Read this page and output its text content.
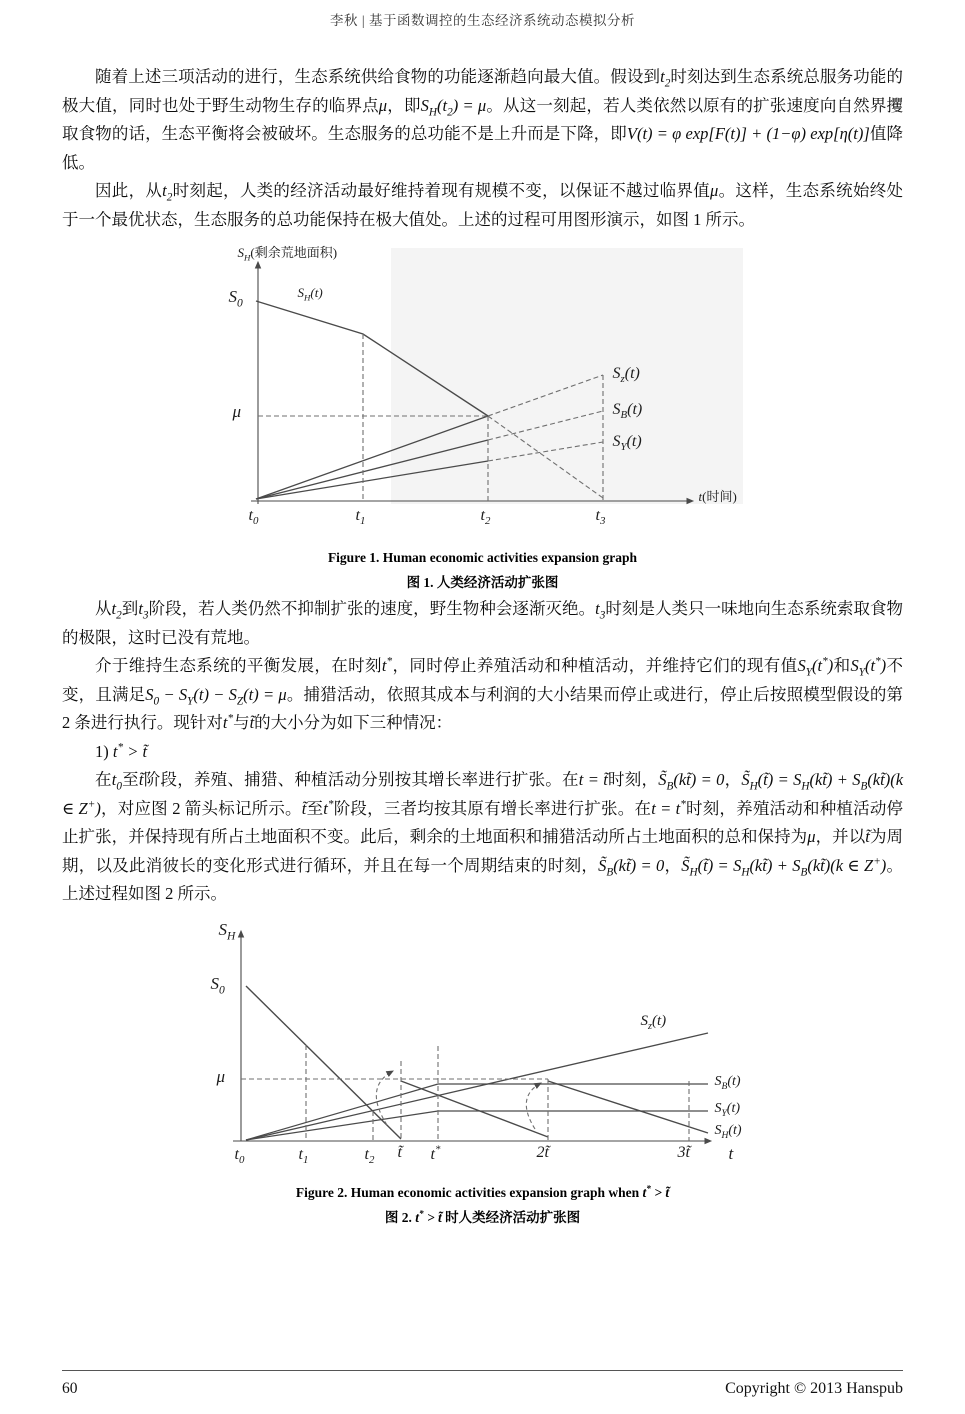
李秋 | 基于函数调控的生态经济系统动态模拟分析

随着上述三项活动的进行，生态系统供给食物的功能逐渐趋向最大值。假设到$t_2$时刻达到生态系统总服务功能的极大值，同时也处于野生动物生存的临界点μ，即$S_H(t_2) = \mu$。从这一刻起，若人类依然以原有的扩张速度向自然界攫取食物的话，生态平衡将会被破坏。生态服务的总功能不是上升而是下降，即V(t) = φ exp[F(t)] + (1−φ) exp[η(t)]值降低。

因此，从$t_2$时刻起，人类的经济活动最好维持着现有规模不变，以保证不越过临界值μ。这样，生态系统始终处于一个最优状态，生态服务的总功能保持在极大值处。上述的过程可用图形演示，如图 1 所示。

$S_H$(剩余荒地面积)
$S_0$
$S_H(t)$
μ
$S_z(t)$
$S_B(t)$
$S_Y(t)$
$t_0$	$t_1$	$t_2$	$t_3$
t(时间)
Figure 1. Human economic activities expansion graph
图 1. 人类经济活动扩张图

从$t_2$到$t_3$阶段，若人类仍然不抑制扩张的速度，野生物种会逐渐灭绝。$t_3$时刻是人类只一味地向生态系统索取食物的极限，这时已没有荒地。

介于维持生态系统的平衡发展，在时刻t*，同时停止养殖活动和种植活动，并维持它们的现有值$S_Y(t^*)$和$S_Y(t^*)$不变，且满足$S_0 - S_Y(t) - S_Z(t) = \mu$。捕猎活动，依照其成本与利润的大小结果而停止或进行，停止后按照模型假设的第 2 条进行执行。现针对t*与t̃的大小分为如下三种情况：

1) t* > t̃

在$t_0$至t̃阶段，养殖、捕猎、种植活动分别按其增长率进行扩张。在t = t̃时刻，$S̃_B(kt̃) = 0$，$S̃_H(t̃)$ = $S_H(kt̃)$ + $S_B(kt̃)(k$ ∈ Z+)，对应图 2 箭头标记所示。t̃至t*阶段，三者均按其原有增长率进行扩张。在t = t*时刻，养殖活动和种植活动停止扩张，并保持现有所占土地面积不变。此后，剩余的土地面积和捕猎活动所占土地面积的总和保持为μ，并以t̃为周期，以及此消彼长的变化形式进行循环，并且在每一个周期结束的时刻，$S̃_B(kt̃) = 0$，$S̃_H(t̃)$ = $S_H(kt̃)$ + $S_B(kt̃)(k$ ∈ Z+)。上述过程如图 2 所示。

$S_H$
$S_0$
μ
$S_z(t)$
$S_B(t)$
$S_Y(t)$
$S_H(t)$
$t_0$	$t_1$	$t_2$ t̃ t*	2t̃	3t̃ t
Figure 2. Human economic activities expansion graph when t* > t̃
图 2. t* > t̃ 时人类经济活动扩张图
60	Copyright © 2013 Hanspub
